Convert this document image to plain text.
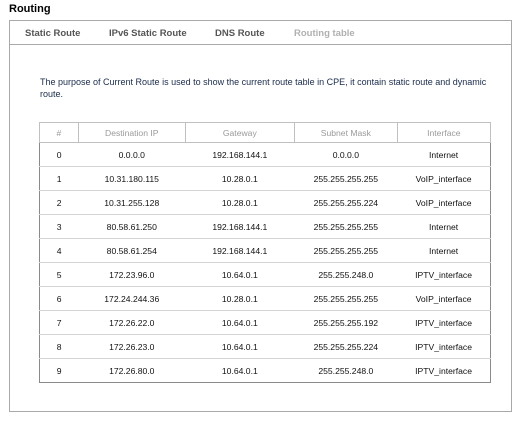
Routing
Static Route	IPv6 Static Route	DNS Route	Routing table
The purpose of Current Route is used to show the current route table in CPE, it contain static route and dynamic route.
#	Destination IP	Gateway	Subnet Mask	Interface
0	0.0.0.0	192.168.144.1	0.0.0.0	Internet
1	10.31.180.115	10.28.0.1	255.255.255.255	VoIP_interface
2	10.31.255.128	10.28.0.1	255.255.255.224	VoIP_interface
3	80.58.61.250	192.168.144.1	255.255.255.255	Internet
4	80.58.61.254	192.168.144.1	255.255.255.255	Internet
5	172.23.96.0	10.64.0.1	255.255.248.0	IPTV_interface
6	172.24.244.36	10.28.0.1	255.255.255.255	VoIP_interface
7	172.26.22.0	10.64.0.1	255.255.255.192	IPTV_interface
8	172.26.23.0	10.64.0.1	255.255.255.224	IPTV_interface
9	172.26.80.0	10.64.0.1	255.255.248.0	IPTV_interface
